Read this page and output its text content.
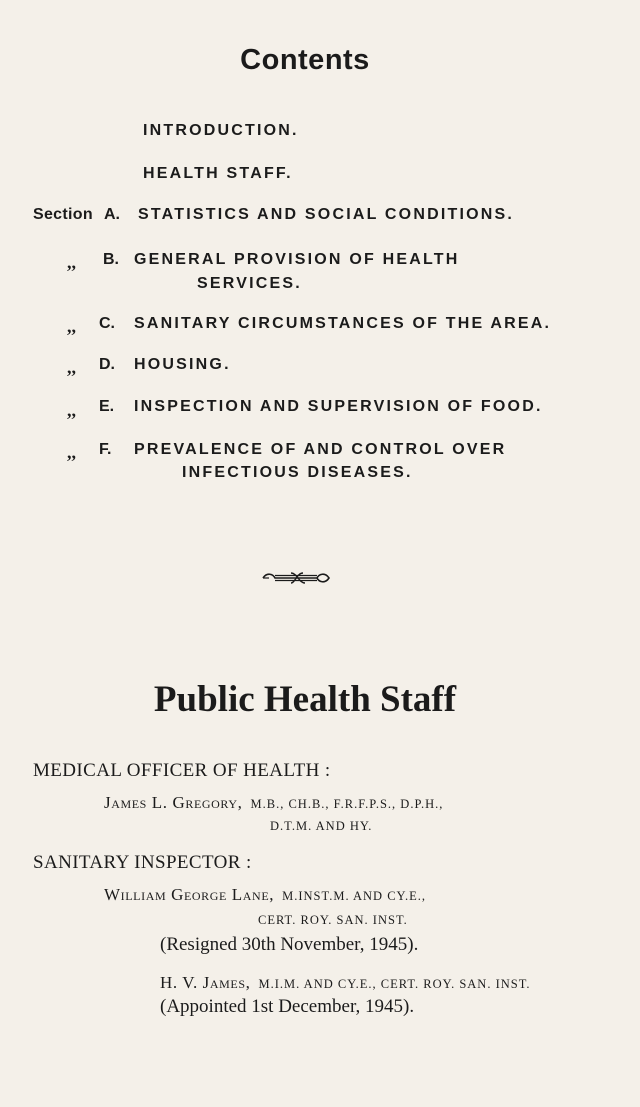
Contents
INTRODUCTION.
HEALTH STAFF.
Section A. STATISTICS AND SOCIAL CONDITIONS.
,, B. GENERAL PROVISION OF HEALTH
SERVICES.
,, C. SANITARY CIRCUMSTANCES OF THE AREA.
,, D. HOUSING.
,, E. INSPECTION AND SUPERVISION OF FOOD.
,, F. PREVALENCE OF AND CONTROL OVER
INFECTIOUS DISEASES.
Public Health Staff
MEDICAL OFFICER OF HEALTH :
James L. Gregory, M.B., CH.B., F.R.F.P.S., D.P.H.,
D.T.M. AND HY.
SANITARY INSPECTOR :
William George Lane, M.INST.M. AND CY.E.,
CERT. ROY. SAN. INST.
(Resigned 30th November, 1945).
H. V. James, M.I.M. AND CY.E., CERT. ROY. SAN. INST.
(Appointed 1st December, 1945).
